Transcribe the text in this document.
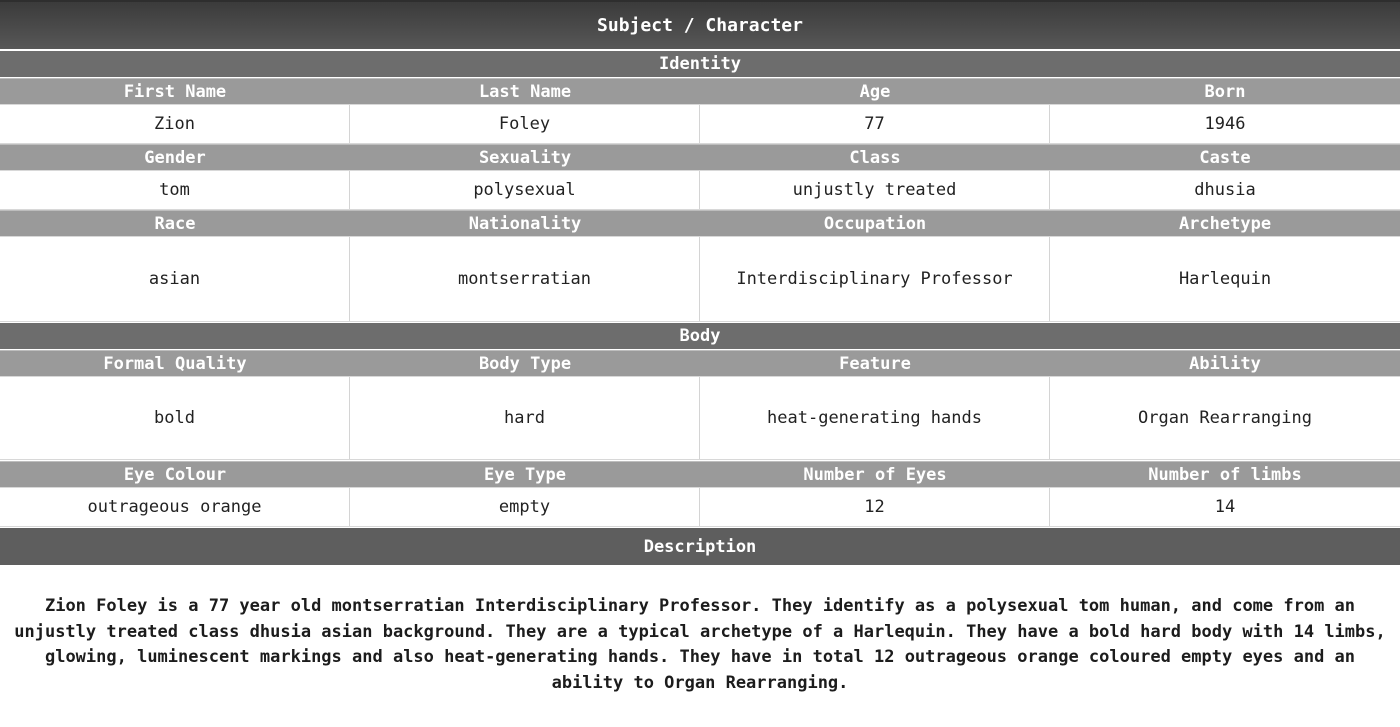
Subject / Character
Identity
First Name	Last Name	Age	Born
Zion	Foley	77	1946
Gender	Sexuality	Class	Caste
tom	polysexual	unjustly treated	dhusia
Race	Nationality	Occupation	Archetype
asian	montserratian	Interdisciplinary Professor	Harlequin
Body
Formal Quality	Body Type	Feature	Ability
bold	hard	heat-generating hands	Organ Rearranging
Eye Colour	Eye Type	Number of Eyes	Number of limbs
outrageous orange	empty	12	14
Description
Zion Foley is a 77 year old montserratian Interdisciplinary Professor. They identify as a polysexual tom human, and come from an unjustly treated class dhusia asian background. They are a typical archetype of a Harlequin. They have a bold hard body with 14 limbs, glowing, luminescent markings and also heat-generating hands. They have in total 12 outrageous orange coloured empty eyes and an ability to Organ Rearranging.
